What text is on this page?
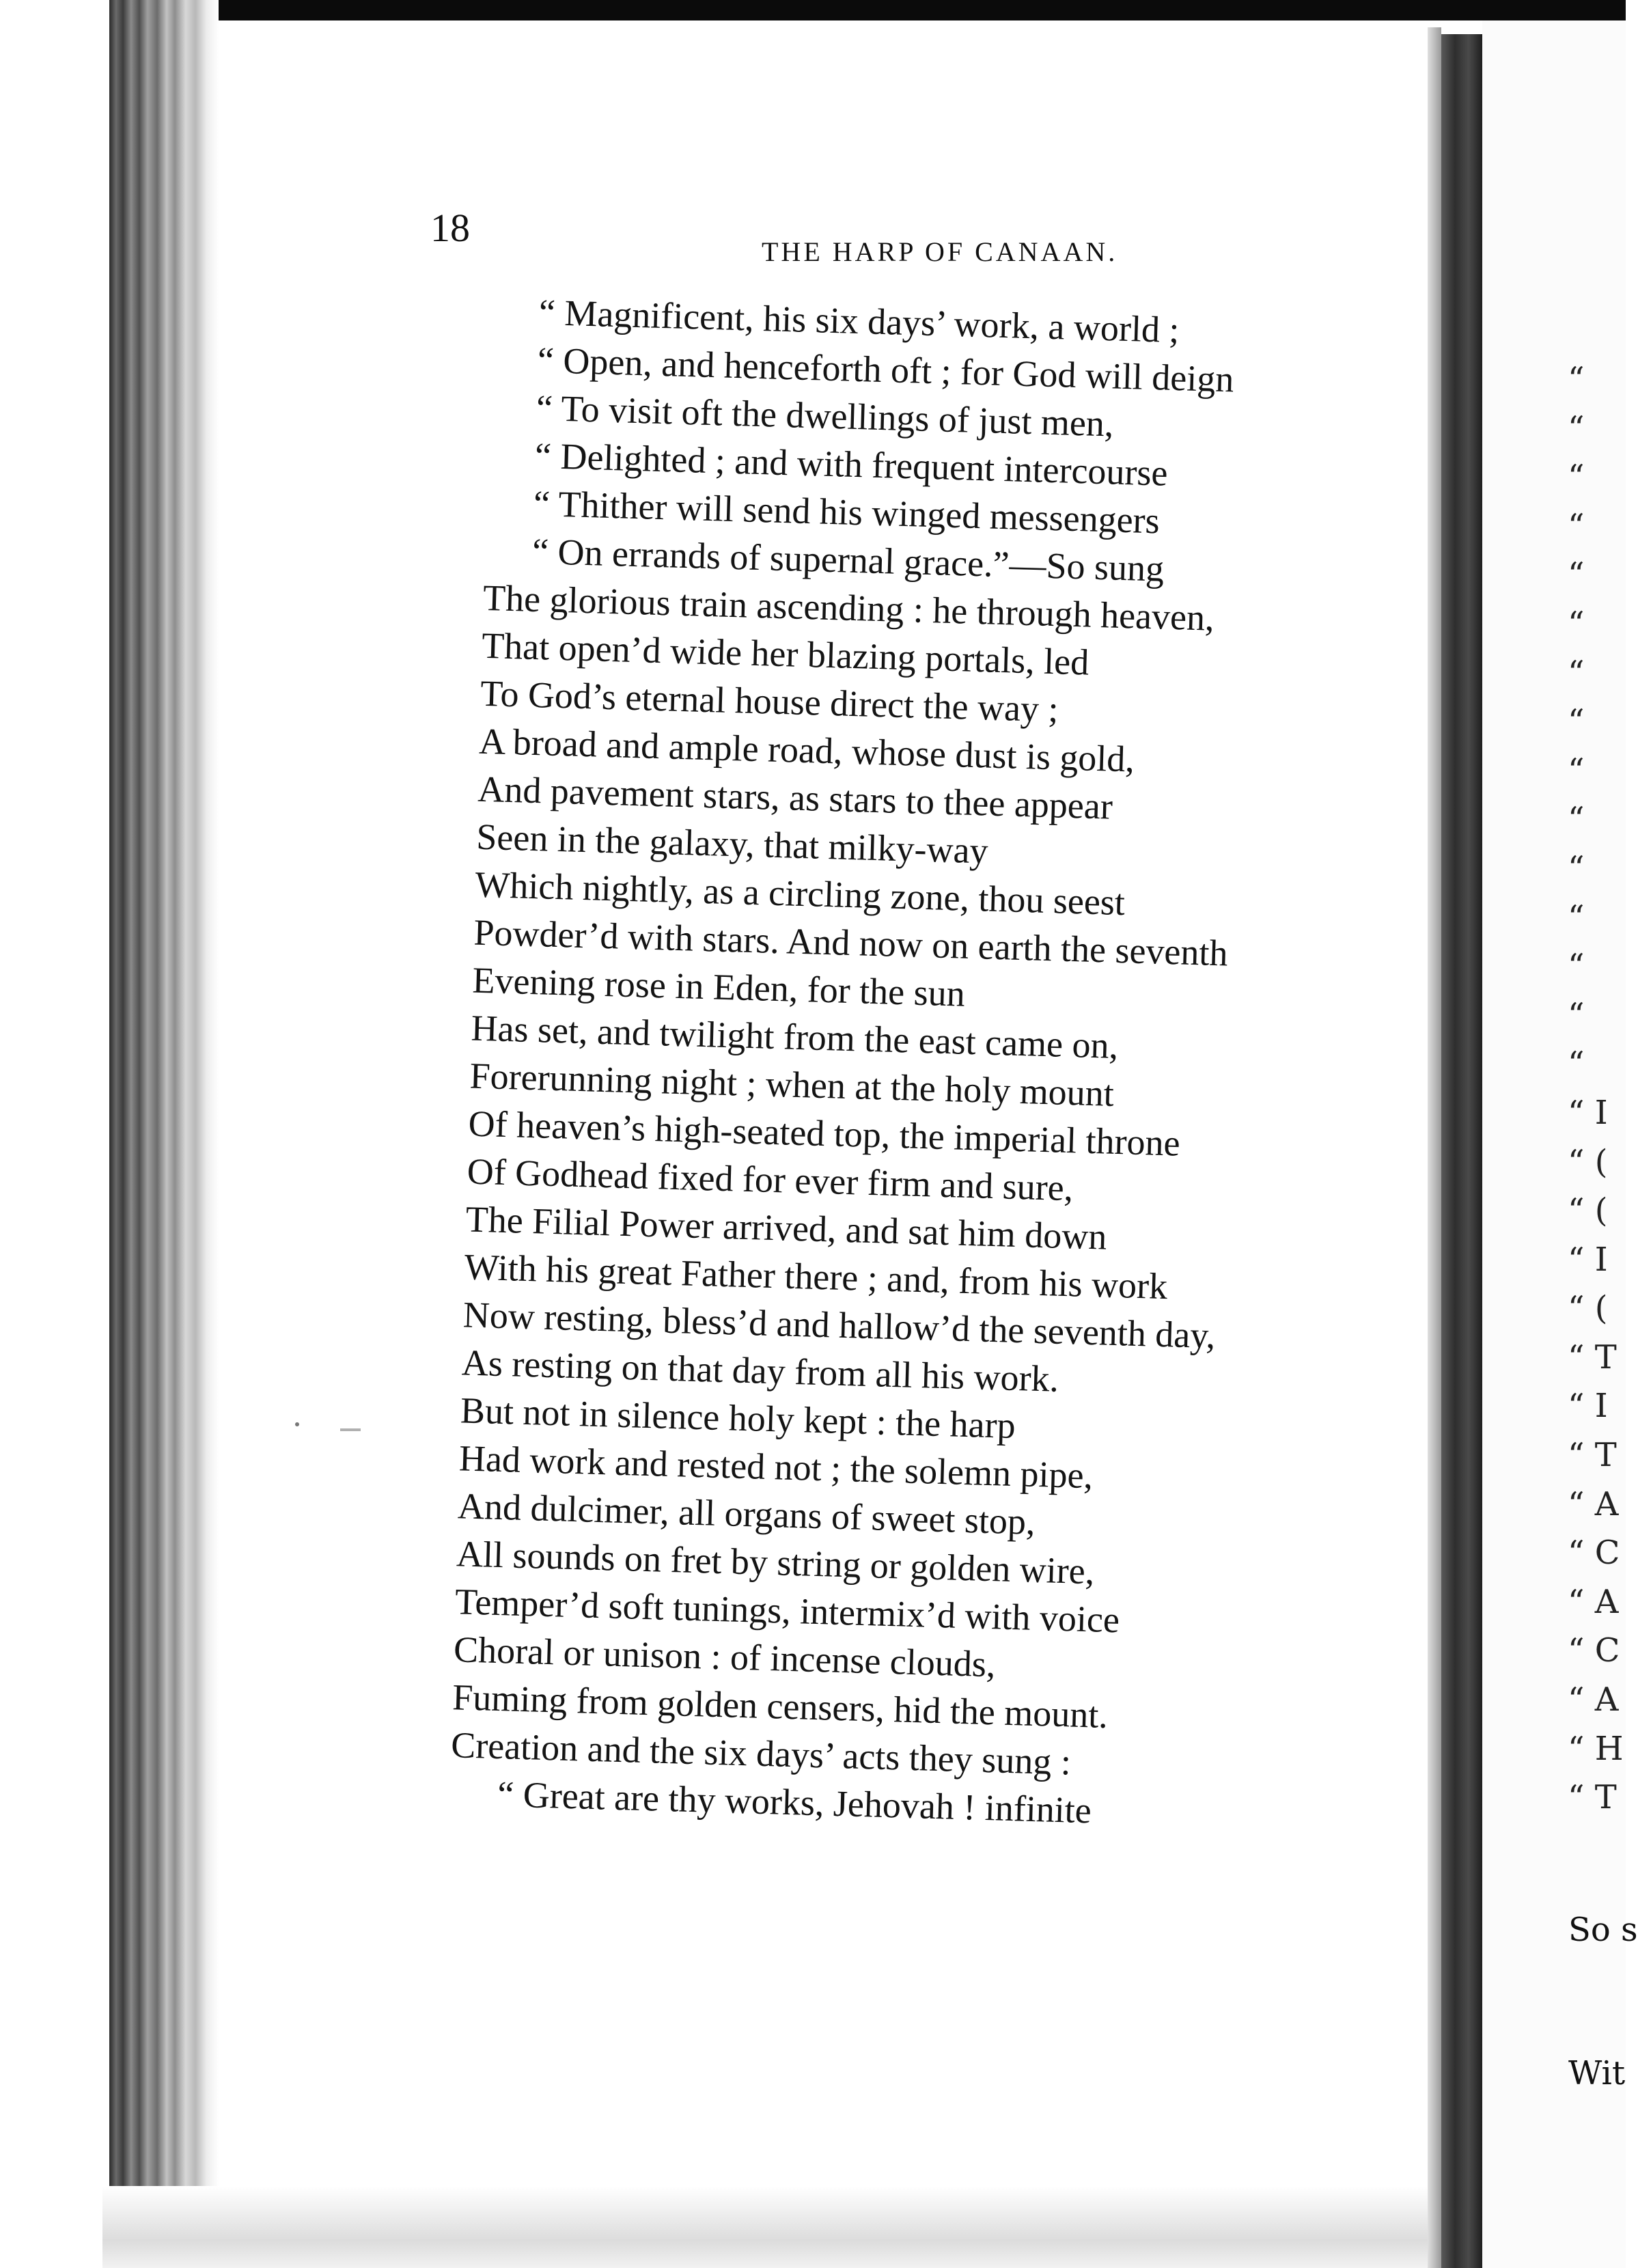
“
“
“
“
“
“
“
“
“
“
“
“
“
“
“
“ I
“ (
“ (
“ I
“ (
“ T
“ I
“ T
“ A
“ C
“ A
“ C
“ A
“ H
“ T

So s

Wit

18
THE HARP OF CANAAN.
“ Magnificent, his six days’ work, a world ;
“ Open, and henceforth oft ; for God will deign
“ To visit oft the dwellings of just men,
“ Delighted ; and with frequent intercourse
“ Thither will send his winged messengers
“ On errands of supernal grace.”—So sung
The glorious train ascending : he through heaven,
That open’d wide her blazing portals, led
To God’s eternal house direct the way ;
A broad and ample road, whose dust is gold,
And pavement stars, as stars to thee appear
Seen in the galaxy, that milky-way
Which nightly, as a circling zone, thou seest
Powder’d with stars. And now on earth the seventh
Evening rose in Eden, for the sun
Has set, and twilight from the east came on,
Forerunning night ; when at the holy mount
Of heaven’s high-seated top, the imperial throne
Of Godhead fixed for ever firm and sure,
The Filial Power arrived, and sat him down
With his great Father there ; and, from his work
Now resting, bless’d and hallow’d the seventh day,
As resting on that day from all his work.
But not in silence holy kept : the harp
Had work and rested not ; the solemn pipe,
And dulcimer, all organs of sweet stop,
All sounds on fret by string or golden wire,
Temper’d soft tunings, intermix’d with voice
Choral or unison : of incense clouds,
Fuming from golden censers, hid the mount.
Creation and the six days’ acts they sung :
“ Great are thy works, Jehovah ! infinite
